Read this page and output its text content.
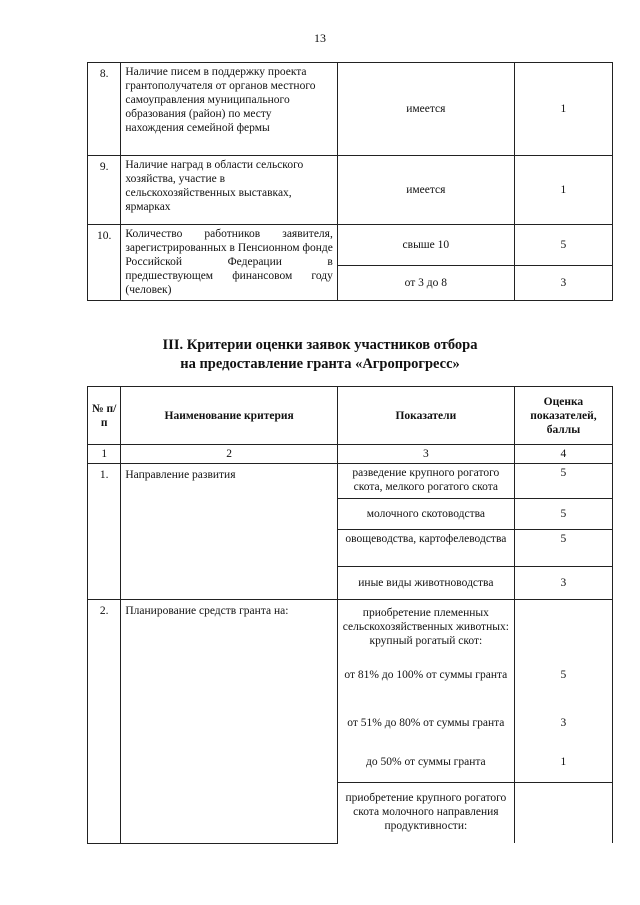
13
8.	Наличие писем в поддержку проекта грантополучателя от органов местного самоуправления муниципального образования (район) по месту нахождения семейной фермы	имеется	1
9.	Наличие наград в области сельского хозяйства, участие в сельскохозяйственных выставках, ярмарках	имеется	1
10.	Количество работников заявителя, зарегистрированных в Пенсионном фонде Российской Федерации в предшествующем финансовом году (человек)	свыше 10	5
		от 3 до 8	3
III. Критерии оценки заявок участников отбора
на предоставление гранта «Агропрогресс»
№ п/п	Наименование критерия	Показатели	Оценка показателей, баллы
1	2	3	4
1.	Направление развития	разведение крупного рогатого скота, мелкого рогатого скота	5
		молочного скотоводства	5
		овощеводства, картофелеводства	5
		иные виды животноводства	3
2.	Планирование средств гранта на:	приобретение племенных сельскохозяйственных животных: крупный рогатый скот:	
		от 81% до 100% от суммы гранта	5
		от 51% до 80% от суммы гранта	3
		до 50% от суммы гранта	1
		приобретение крупного рогатого скота молочного направления продуктивности:	
